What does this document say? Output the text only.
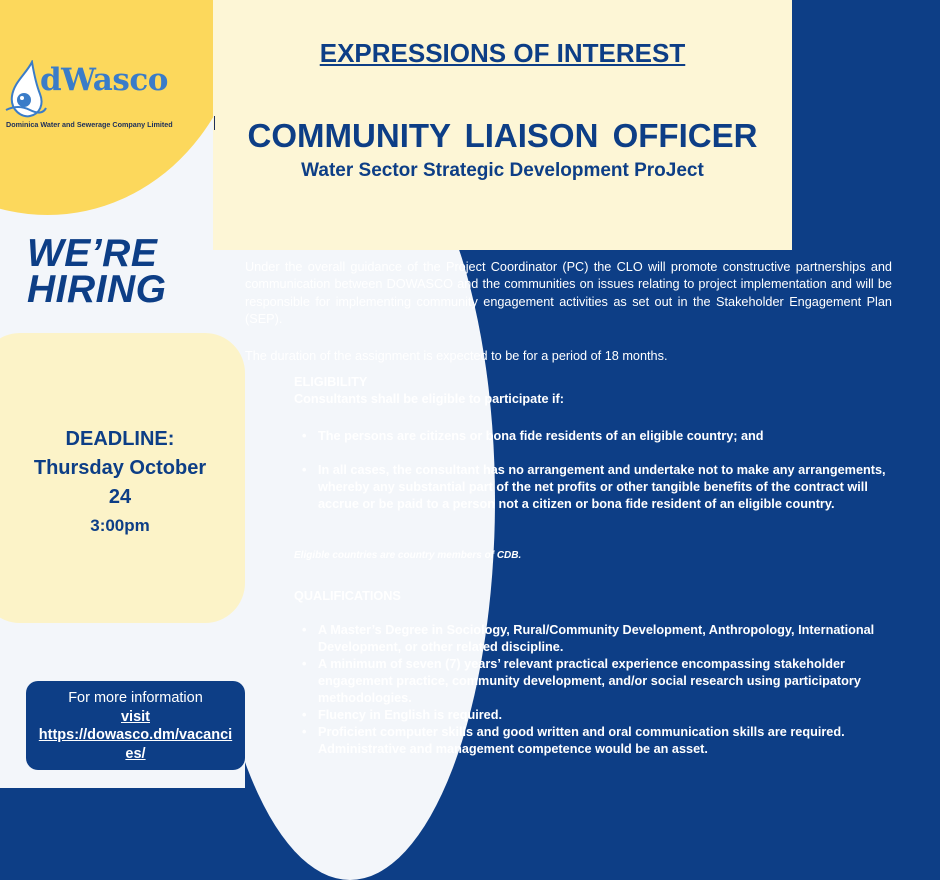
dWasco
Dominica Water and Sewerage Company Limited
WE’RE
HIRING
DEADLINE:
Thursday October
24
3:00pm
For more information
visit
https://dowasco.dm/vacancies/
EXPRESSIONS OF INTEREST
COMMUNITY LIAISON OFFICER
Water Sector Strategic Development ProJect
Under the overall guidance of the Project Coordinator (PC) the CLO will promote constructive partnerships and communication between DOWASCO and the communities on issues relating to project implementation and will be responsible for implementing community engagement activities as set out in the Stakeholder Engagement Plan (SEP).
The duration of the assignment is expected to be for a period of 18 months.
ELIGIBILITY
Consultants shall be eligible to participate if:
• The persons are citizens or bona fide residents of an eligible country; and
• In all cases, the consultant has no arrangement and undertake not to make any arrangements, whereby any substantial part of the net profits or other tangible benefits of the contract will accrue or be paid to a person not a citizen or bona fide resident of an eligible country.
Eligible countries are country members of CDB.
QUALIFICATIONS
• A Master’s Degree in Sociology, Rural/Community Development, Anthropology, International Development, or other related discipline.
• A minimum of seven (7) years’ relevant practical experience encompassing stakeholder engagement practice, community development, and/or social research using participatory methodologies.
• Fluency in English is required.
• Proficient computer skills and good written and oral communication skills are required.
Administrative and management competence would be an asset.
